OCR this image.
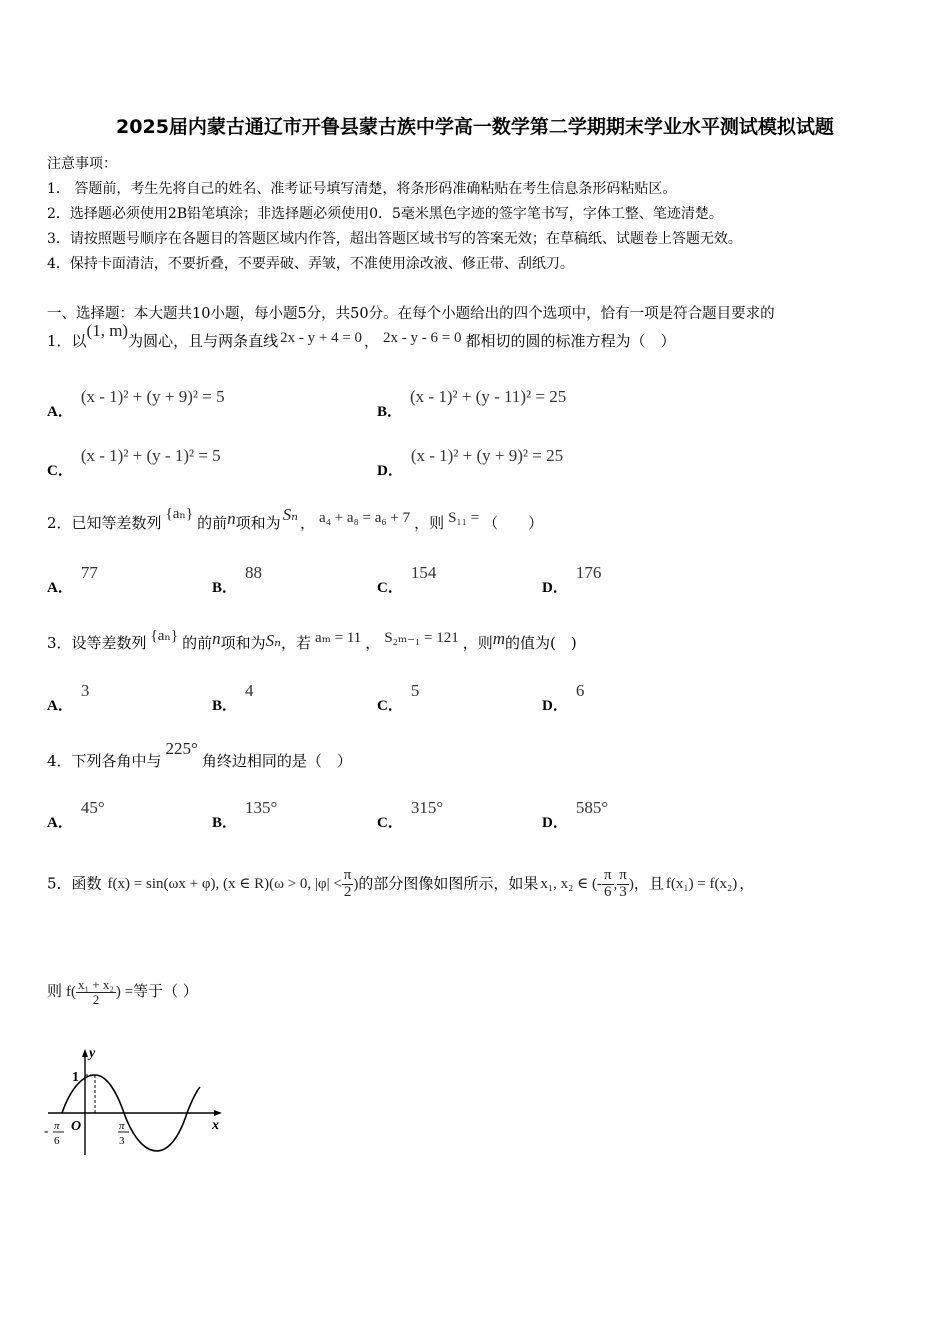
2025届内蒙古通辽市开鲁县蒙古族中学高一数学第二学期期末学业水平测试模拟试题
注意事项：
1． 答题前，考生先将自己的姓名、准考证号填写清楚，将条形码准确粘贴在考生信息条形码粘贴区。
2．选择题必须使用2B铅笔填涂；非选择题必须使用0．5毫米黑色字迹的签字笔书写，字体工整、笔迹清楚。
3．请按照题号顺序在各题目的答题区域内作答，超出答题区域书写的答案无效；在草稿纸、试题卷上答题无效。
4．保持卡面清洁，不要折叠，不要弄破、弄皱，不准使用涂改液、修正带、刮纸刀。
一、选择题：本大题共10小题，每小题5分，共50分。在每个小题给出的四个选项中，恰有一项是符合题目要求的
1．以(1, m)为圆心，且与两条直线 2x - y + 4 = 0 ， 2x - y - 6 = 0 都相切的圆的标准方程为（　）
A．(x - 1)² + (y + 9)² = 5
B．(x - 1)² + (y - 11)² = 25
C．(x - 1)² + (y - 1)² = 5
D．(x - 1)² + (y + 9)² = 25
2．已知等差数列 {aₙ} 的前n项和为 Sₙ ， a₄ + a₈ = a₆ + 7 ，则 S₁₁ = （　　）
A．77
B．88
C．154
D．176
3．设等差数列 {aₙ} 的前n项和为Sₙ，若 aₘ = 11 ， S₂ₘ₋₁ = 121 ，则m的值为(　)
A．3
B．4
C．5
D．6
4．下列各角中与225°角终边相同的是（　）
A．45°
B．135°
C．315°
D．585°
5．函数 f(x) = sin(ωx + φ), (x ∈ R)(ω > 0, $|\varphi| < \frac{\pi}{2}$ )的部分图像如图所示，如果 x₁, x₂ ∈ (- $\frac{\pi}{6}$ , $\frac{\pi}{3}$ )，且 f(x₁) = f(x₂) ，
则 $f( \frac{\text{x₁ + x₂}}{2}$ ) =等于（ ）
y
x
1
O
- π
6
π
3
